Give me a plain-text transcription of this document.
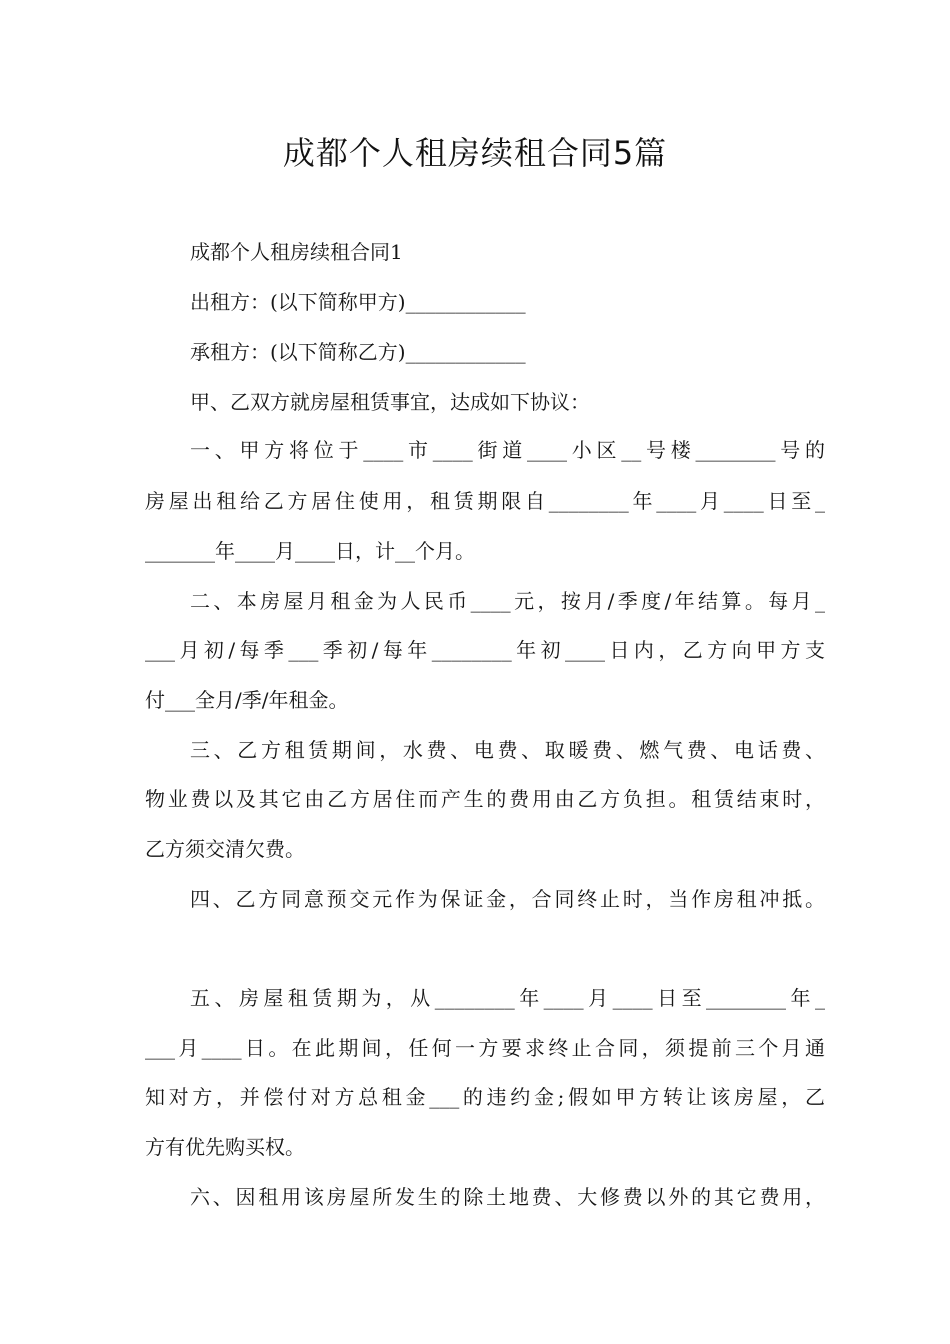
成都个人租房续租合同5篇
成都个人租房续租合同1
出租方：(以下简称甲方)____________
承租方：(以下简称乙方)____________
甲、乙双方就房屋租赁事宜，达成如下协议：
一、甲方将位于____市____街道____小区__号楼________号的
房屋出租给乙方居住使用，租赁期限自________年____月____日至_
_______年____月____日，计__个月。
二、本房屋月租金为人民币____元，按月/季度/年结算。每月_
___月初/每季___季初/每年________年初____日内，乙方向甲方支
付___全月/季/年租金。
三、乙方租赁期间，水费、电费、取暖费、燃气费、电话费、
物业费以及其它由乙方居住而产生的费用由乙方负担。租赁结束时，
乙方须交清欠费。
四、乙方同意预交元作为保证金，合同终止时，当作房租冲抵。
五、房屋租赁期为，从________年____月____日至________年_
___月____日。在此期间，任何一方要求终止合同，须提前三个月通
知对方，并偿付对方总租金___的违约金;假如甲方转让该房屋，乙
方有优先购买权。
六、因租用该房屋所发生的除土地费、大修费以外的其它费用，
